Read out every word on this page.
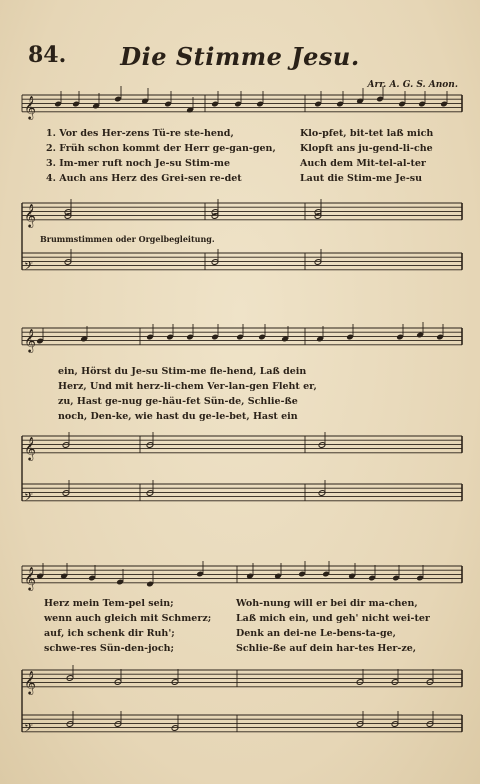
84.	Die Stimme Jesu.
Arr. A. G. S. Anon.
𝄞
𝄞
𝄢
𝄞
𝄞
𝄢
𝄞
𝄞
𝄢
Brummstimmen oder Orgelbegleitung.
1. Vor des Her-zens Tü-re ste-hend,	Klo-pfet, bit-tet laß mich
2. Früh schon kommt der Herr ge-gan-gen,	Klopft ans ju-gend-li-che
3. Im-mer ruft noch Je-su Stim-me	Auch dem Mit-tel-al-ter
4. Auch ans Herz des Grei-sen re-det	Laut die Stim-me Je-su
ein, Hörst du Je-su Stim-me fle-hend, Laß dein
Herz, Und mit herz-li-chem Ver-lan-gen Fleht er,
zu, Hast ge-nug ge-häu-fet Sün-de, Schlie-ße
noch, Den-ke, wie hast du ge-le-bet, Hast ein
Herz mein Tem-pel sein;	Woh-nung will er bei dir ma-chen,
wenn auch gleich mit Schmerz;	Laß mich ein, und geh' nicht wei-ter
auf, ich schenk dir Ruh';	Denk an dei-ne Le-bens-ta-ge,
schwe-res Sün-den-joch;	Schlie-ße auf dein har-tes Her-ze,
